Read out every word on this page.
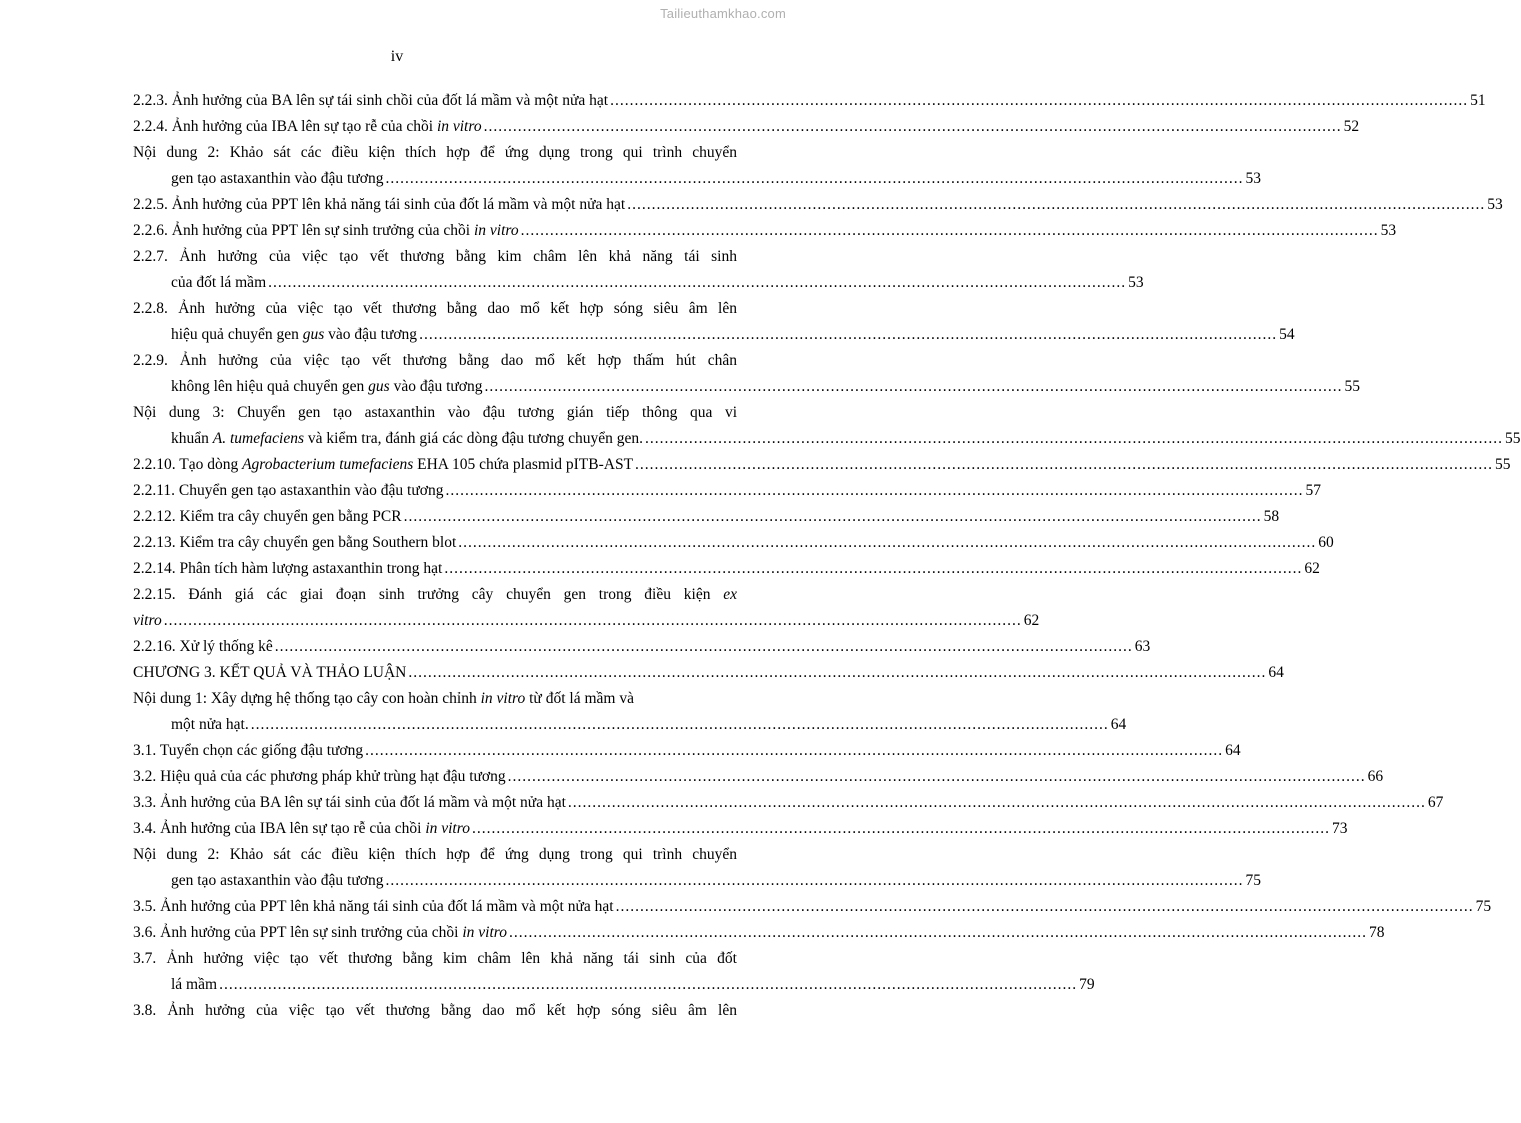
Tailieuthamkhao.com
iv
2.2.3. Ảnh hưởng của BA lên sự tái sinh chồi của đốt lá mầm và một nửa hạt .....	51
2.2.4. Ảnh hưởng của IBA lên sự tạo rễ của chồi in vitro .....	52
Nội dung 2: Khảo sát các điều kiện thích hợp để ứng dụng trong qui trình chuyển
gen tạo astaxanthin vào đậu tương .....	53
2.2.5. Ảnh hưởng của PPT lên khả năng tái sinh của đốt lá mầm và một nửa hạt .....	53
2.2.6. Ảnh hưởng của PPT lên sự sinh trưởng của chồi in vitro .....	53
2.2.7. Ảnh hưởng của việc tạo vết thương bằng kim châm lên khả năng tái sinh
của đốt lá mầm .....	53
2.2.8. Ảnh hưởng của việc tạo vết thương bằng dao mổ kết hợp sóng siêu âm lên
hiệu quả chuyển gen gus vào đậu tương .....	54
2.2.9. Ảnh hưởng của việc tạo vết thương bằng dao mổ kết hợp thấm hút chân
không lên hiệu quả chuyển gen gus vào đậu tương .....	55
Nội dung 3: Chuyển gen tạo astaxanthin vào đậu tương gián tiếp thông qua vi
khuẩn A. tumefaciens và kiểm tra, đánh giá các dòng đậu tương chuyển gen. .....	55
2.2.10. Tạo dòng Agrobacterium tumefaciens EHA 105 chứa plasmid pITB-AST .....	55
2.2.11. Chuyển gen tạo astaxanthin vào đậu tương .....	57
2.2.12. Kiểm tra cây chuyển gen bằng PCR .....	58
2.2.13. Kiểm tra cây chuyển gen bằng Southern blot .....	60
2.2.14. Phân tích hàm lượng astaxanthin trong hạt .....	62
2.2.15. Đánh giá các giai đoạn sinh trưởng cây chuyển gen trong điều kiện ex
vitro .....	62
2.2.16. Xử lý thống kê .....	63
CHƯƠNG 3. KẾT QUẢ VÀ THẢO LUẬN .....	64
Nội dung 1: Xây dựng hệ thống tạo cây con hoàn chỉnh in vitro từ đốt lá mầm và
một nửa hạt. .....	64
3.1. Tuyển chọn các giống đậu tương .....	64
3.2. Hiệu quả của các phương pháp khử trùng hạt đậu tương .....	66
3.3. Ảnh hưởng của BA lên sự tái sinh của đốt lá mầm và một nửa hạt .....	67
3.4. Ảnh hưởng của IBA lên sự tạo rễ của chồi in vitro .....	73
Nội dung 2: Khảo sát các điều kiện thích hợp để ứng dụng trong qui trình chuyển
gen tạo astaxanthin vào đậu tương .....	75
3.5. Ảnh hưởng của PPT lên khả năng tái sinh của đốt lá mầm và một nửa hạt .....	75
3.6. Ảnh hưởng của PPT lên sự sinh trưởng của chồi in vitro .....	78
3.7. Ảnh hưởng việc tạo vết thương bằng kim châm lên khả năng tái sinh của đốt
lá mầm .....	79
3.8. Ảnh hưởng của việc tạo vết thương bằng dao mổ kết hợp sóng siêu âm lên
